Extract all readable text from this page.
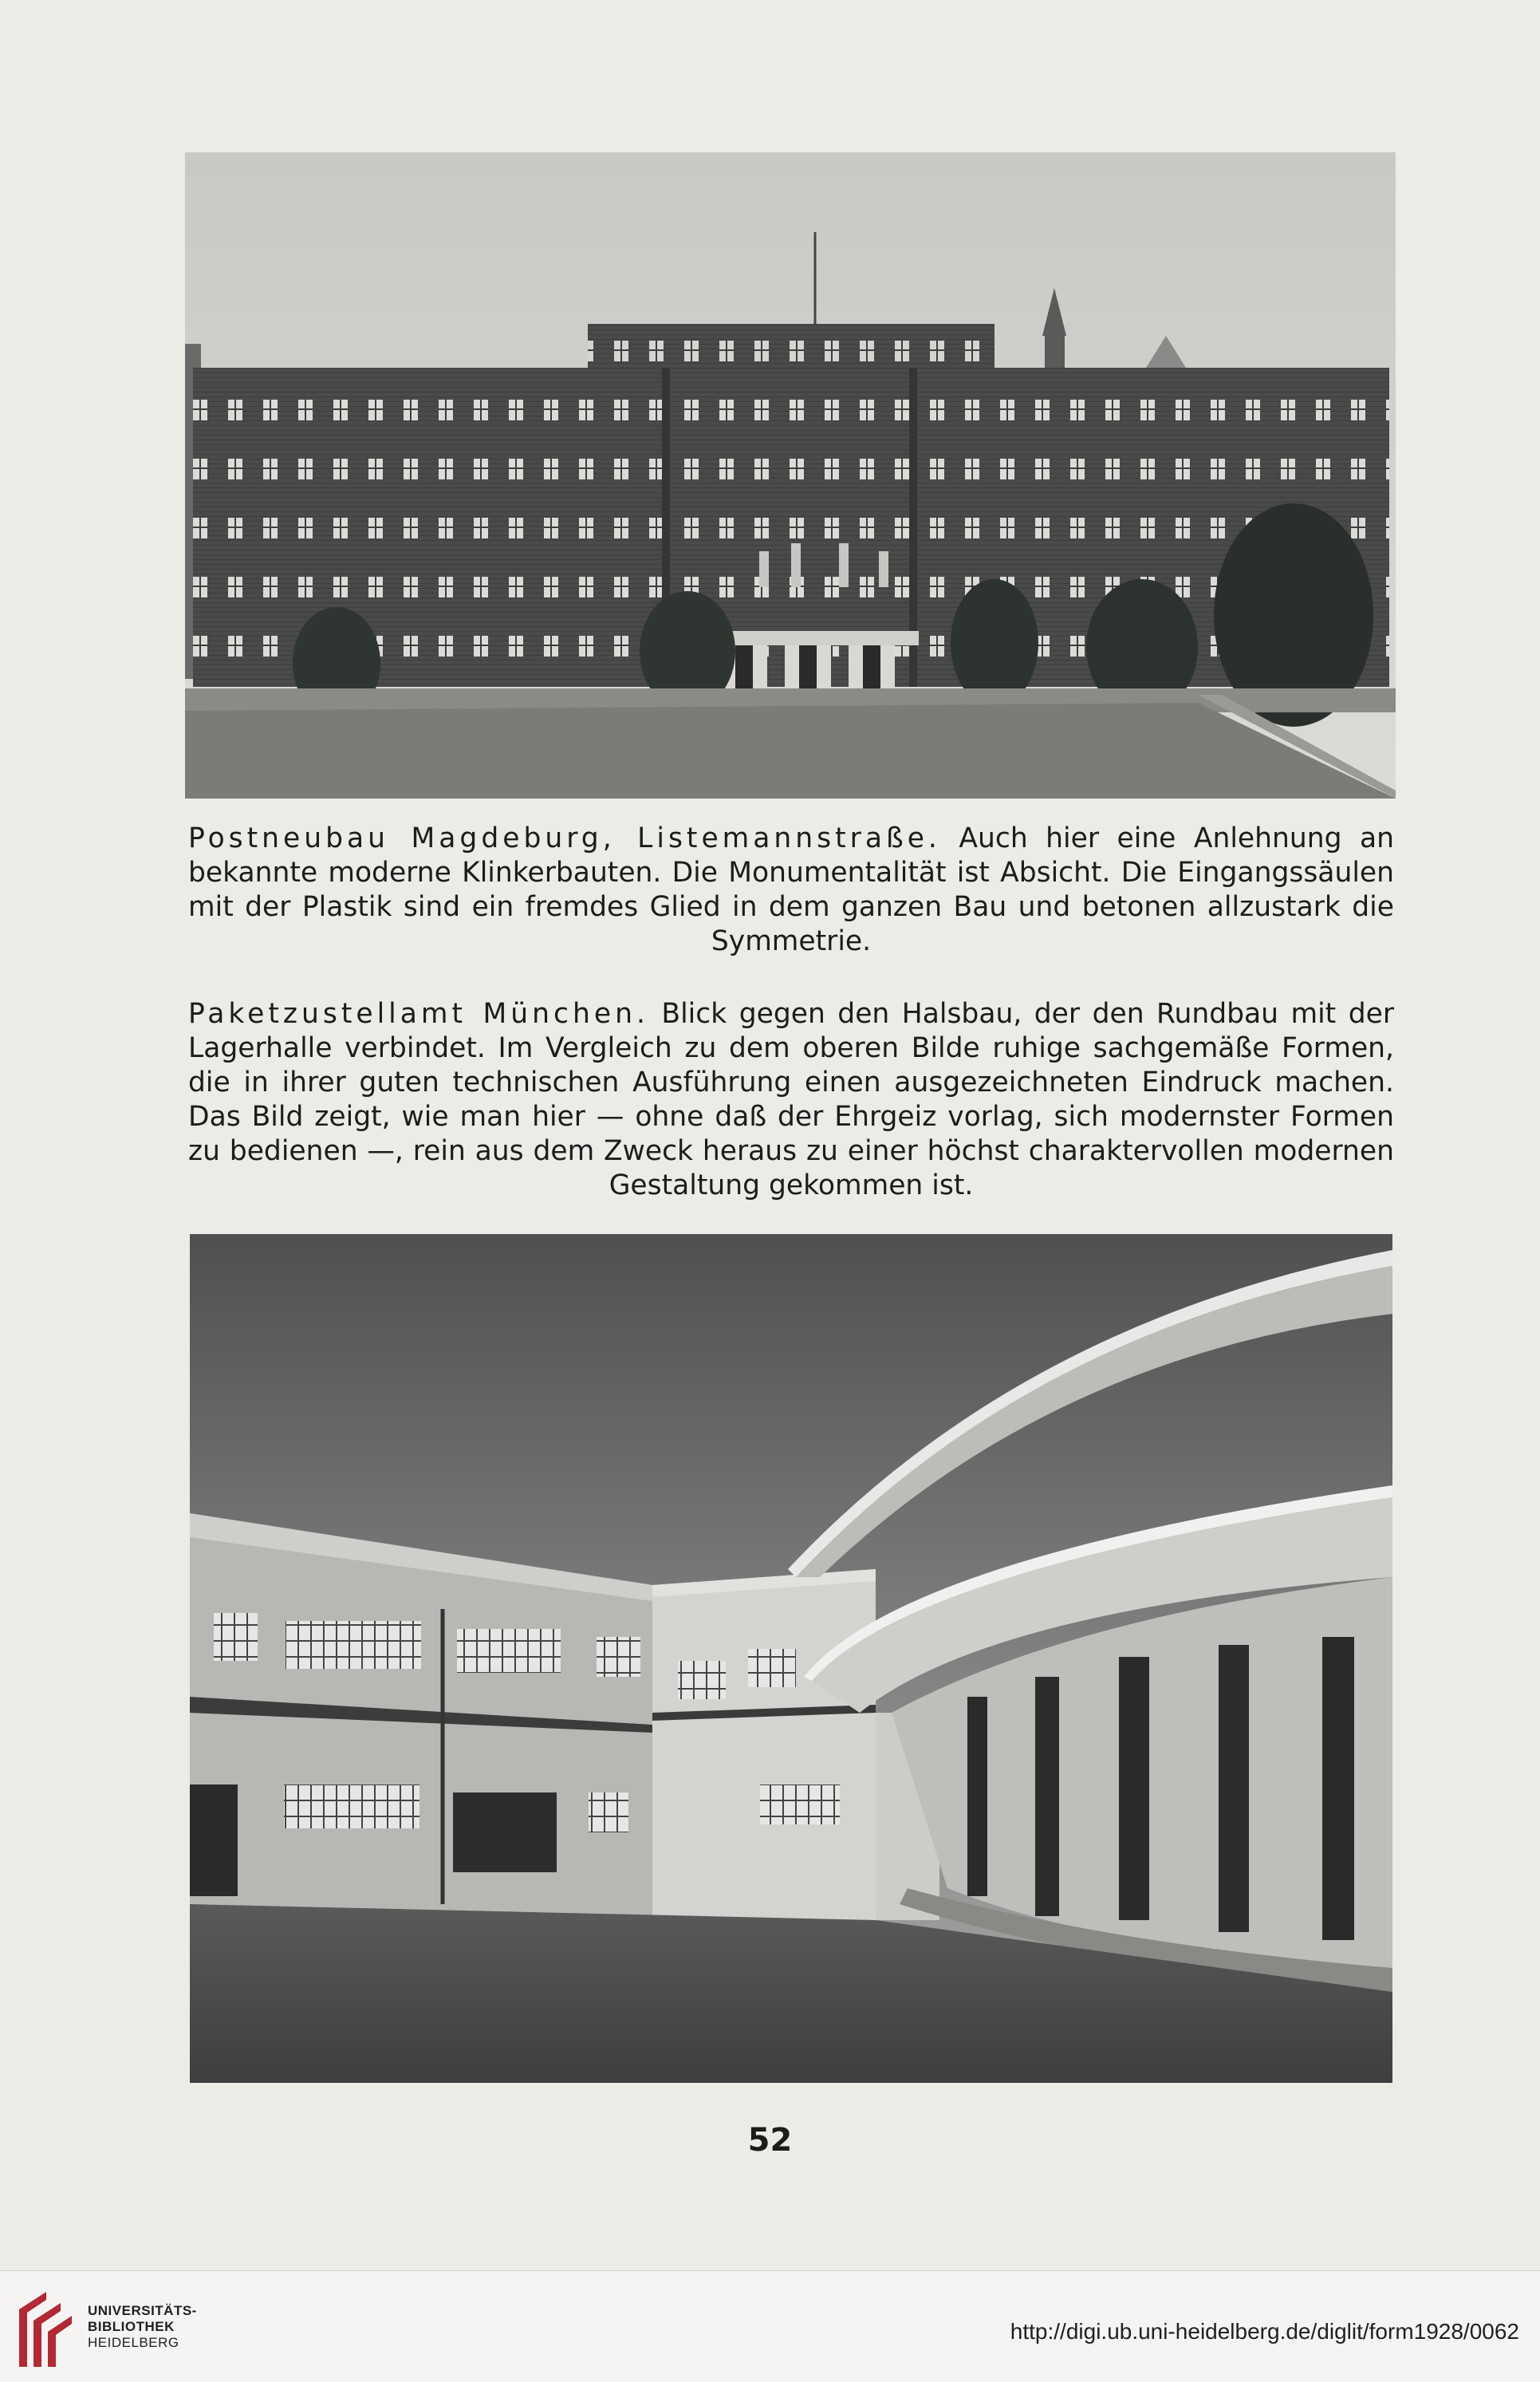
Postneubau Magdeburg, Listemannstraße. Auch hier eine Anlehnung an bekannte moderne Klinkerbauten. Die Monumentalität ist Absicht. Die Eingangssäulen mit der Plastik sind ein fremdes Glied in dem ganzen Bau und betonen allzustark die Symmetrie.
Paketzustellamt München. Blick gegen den Halsbau, der den Rundbau mit der Lagerhalle verbindet. Im Vergleich zu dem oberen Bilde ruhige sachgemäße Formen, die in ihrer guten technischen Ausführung einen ausgezeichneten Eindruck machen. Das Bild zeigt, wie man hier — ohne daß der Ehrgeiz vorlag, sich modernster Formen zu bedienen —, rein aus dem Zweck heraus zu einer höchst charaktervollen modernen Gestaltung gekommen ist.
52
UNIVERSITÄTS-
BIBLIOTHEK
HEIDELBERG	http://digi.ub.uni-heidelberg.de/diglit/form1928/0062
